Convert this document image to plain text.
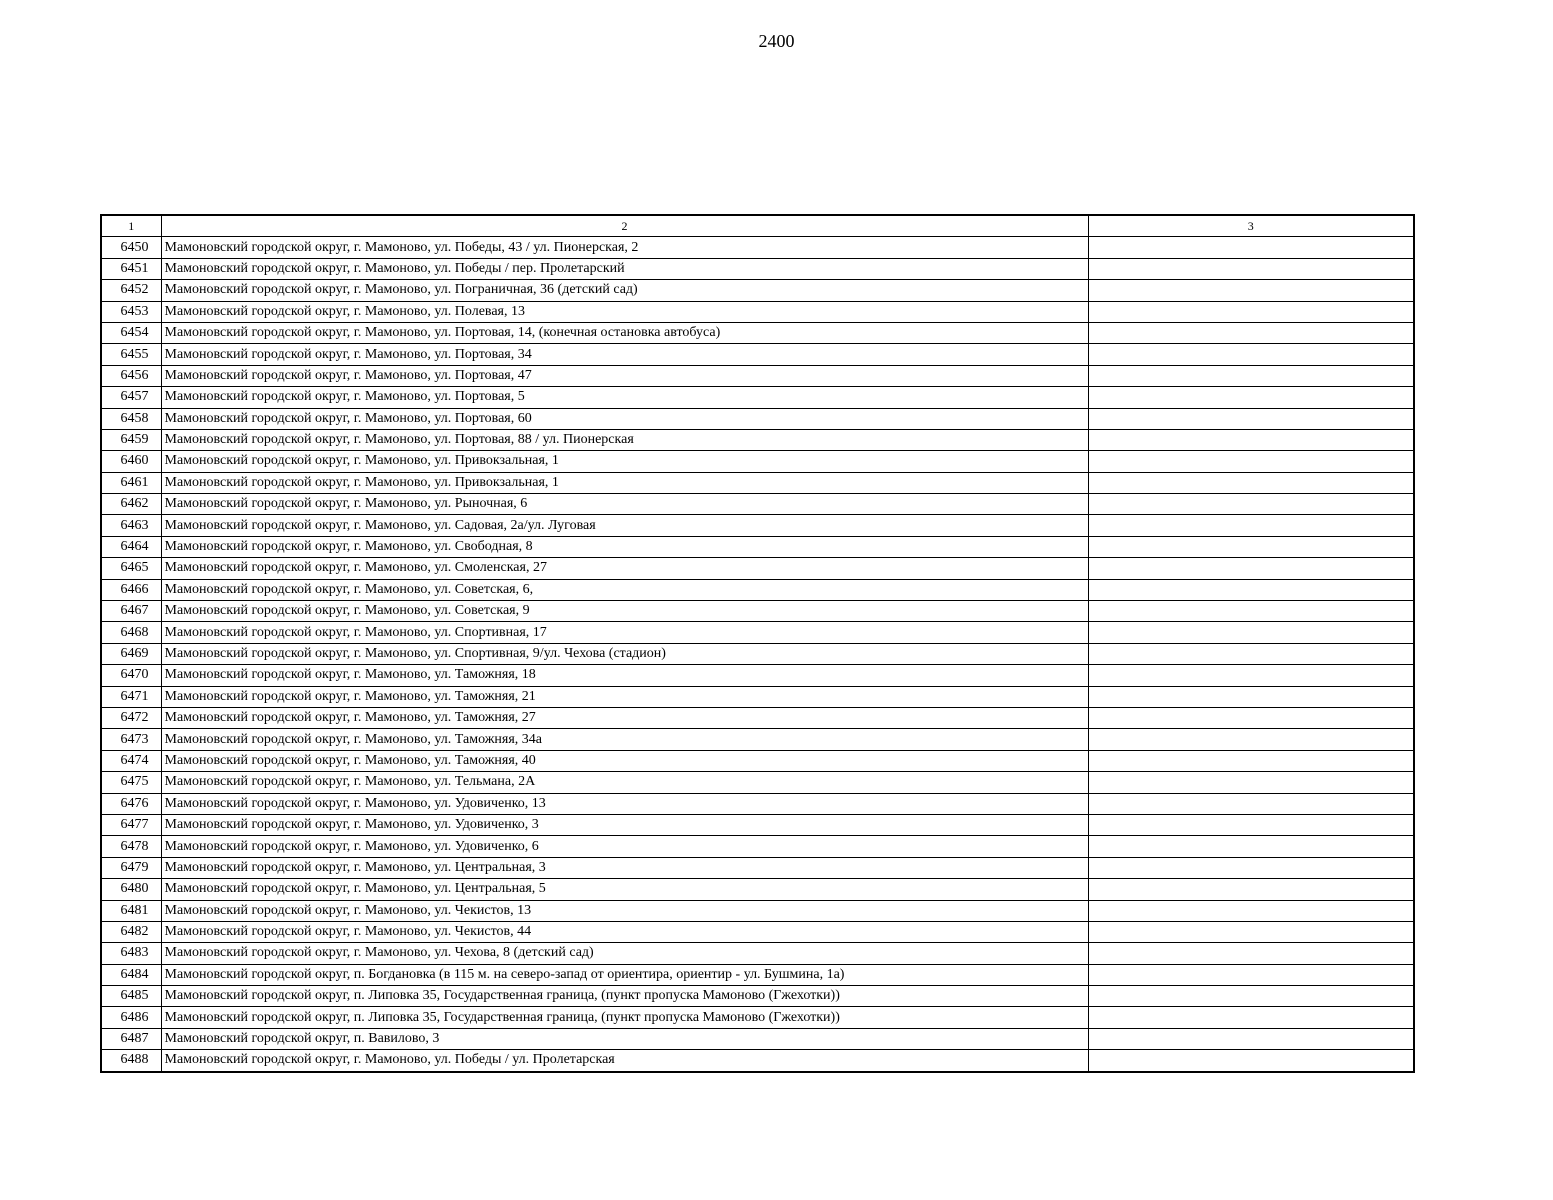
2400
1	2	3
6450	Мамоновский городской округ, г. Мамоново, ул. Победы, 43 / ул. Пионерская, 2	
6451	Мамоновский городской округ, г. Мамоново, ул. Победы / пер. Пролетарский	
6452	Мамоновский городской округ, г. Мамоново, ул. Пограничная, 36 (детский сад)	
6453	Мамоновский городской округ, г. Мамоново, ул. Полевая, 13	
6454	Мамоновский городской округ, г. Мамоново, ул. Портовая, 14, (конечная остановка автобуса)	
6455	Мамоновский городской округ, г. Мамоново, ул. Портовая, 34	
6456	Мамоновский городской округ, г. Мамоново, ул. Портовая, 47	
6457	Мамоновский городской округ, г. Мамоново, ул. Портовая, 5	
6458	Мамоновский городской округ, г. Мамоново, ул. Портовая, 60	
6459	Мамоновский городской округ, г. Мамоново, ул. Портовая, 88 / ул. Пионерская	
6460	Мамоновский городской округ, г. Мамоново, ул. Привокзальная, 1	
6461	Мамоновский городской округ, г. Мамоново, ул. Привокзальная, 1	
6462	Мамоновский городской округ, г. Мамоново, ул. Рыночная, 6	
6463	Мамоновский городской округ, г. Мамоново, ул. Садовая, 2а/ул. Луговая	
6464	Мамоновский городской округ, г. Мамоново, ул. Свободная, 8	
6465	Мамоновский городской округ, г. Мамоново, ул. Смоленская, 27	
6466	Мамоновский городской округ, г. Мамоново, ул. Советская, 6,	
6467	Мамоновский городской округ, г. Мамоново, ул. Советская, 9	
6468	Мамоновский городской округ, г. Мамоново, ул. Спортивная, 17	
6469	Мамоновский городской округ, г. Мамоново, ул. Спортивная, 9/ул. Чехова (стадион)	
6470	Мамоновский городской округ, г. Мамоново, ул. Таможняя, 18	
6471	Мамоновский городской округ, г. Мамоново, ул. Таможняя, 21	
6472	Мамоновский городской округ, г. Мамоново, ул. Таможняя, 27	
6473	Мамоновский городской округ, г. Мамоново, ул. Таможняя, 34а	
6474	Мамоновский городской округ, г. Мамоново, ул. Таможняя, 40	
6475	Мамоновский городской округ, г. Мамоново, ул. Тельмана, 2А	
6476	Мамоновский городской округ, г. Мамоново, ул. Удовиченко, 13	
6477	Мамоновский городской округ, г. Мамоново, ул. Удовиченко, 3	
6478	Мамоновский городской округ, г. Мамоново, ул. Удовиченко, 6	
6479	Мамоновский городской округ, г. Мамоново, ул. Центральная, 3	
6480	Мамоновский городской округ, г. Мамоново, ул. Центральная, 5	
6481	Мамоновский городской округ, г. Мамоново, ул. Чекистов, 13	
6482	Мамоновский городской округ, г. Мамоново, ул. Чекистов, 44	
6483	Мамоновский городской округ, г. Мамоново, ул. Чехова, 8 (детский сад)	
6484	Мамоновский городской округ, п. Богдановка (в 115 м. на северо-запад от ориентира, ориентир - ул. Бушмина, 1а)	
6485	Мамоновский городской округ, п. Липовка 35, Государственная граница, (пункт пропуска Мамоново (Гжехотки))	
6486	Мамоновский городской округ, п. Липовка 35, Государственная граница, (пункт пропуска Мамоново (Гжехотки))	
6487	Мамоновский городской округ, п. Вавилово, 3	
6488	Мамоновский городской округ, г. Мамоново, ул. Победы / ул. Пролетарская	
